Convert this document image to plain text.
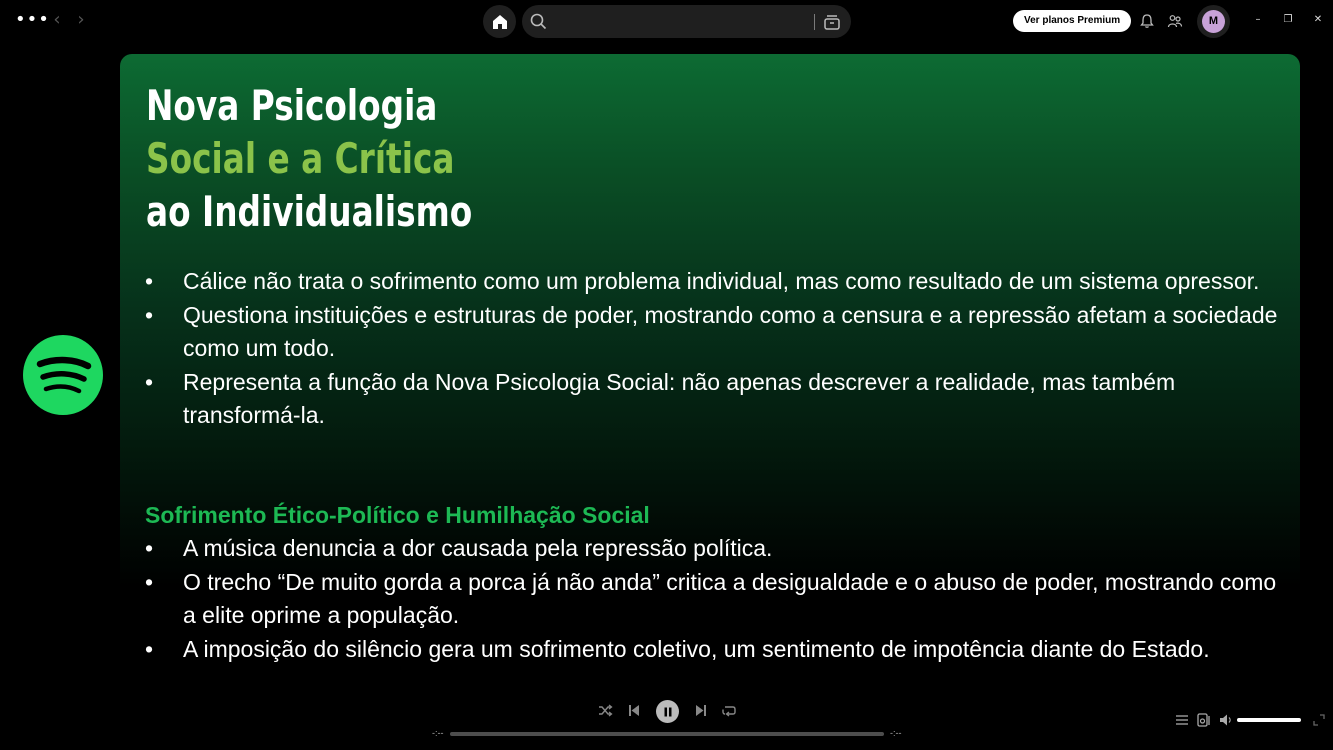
••• ‹ ›	Ver planos Premium	M	–	❐ ✕
Nova Psicologia
Social e a Crítica
ao Individualismo
• Cálice não trata o sofrimento como um problema individual, mas como resultado de um sistema opressor.
• Questiona instituições e estruturas de poder, mostrando como a censura e a repressão afetam a sociedade como um todo.
• Representa a função da Nova Psicologia Social: não apenas descrever a realidade, mas também transformá-la.
Sofrimento Ético-Político e Humilhação Social
• A música denuncia a dor causada pela repressão política.
• O trecho “De muito gorda a porca já não anda” critica a desigualdade e o abuso de poder, mostrando como a elite oprime a população.
• A imposição do silêncio gera um sofrimento coletivo, um sentimento de impotência diante do Estado.
-:--	-:--
